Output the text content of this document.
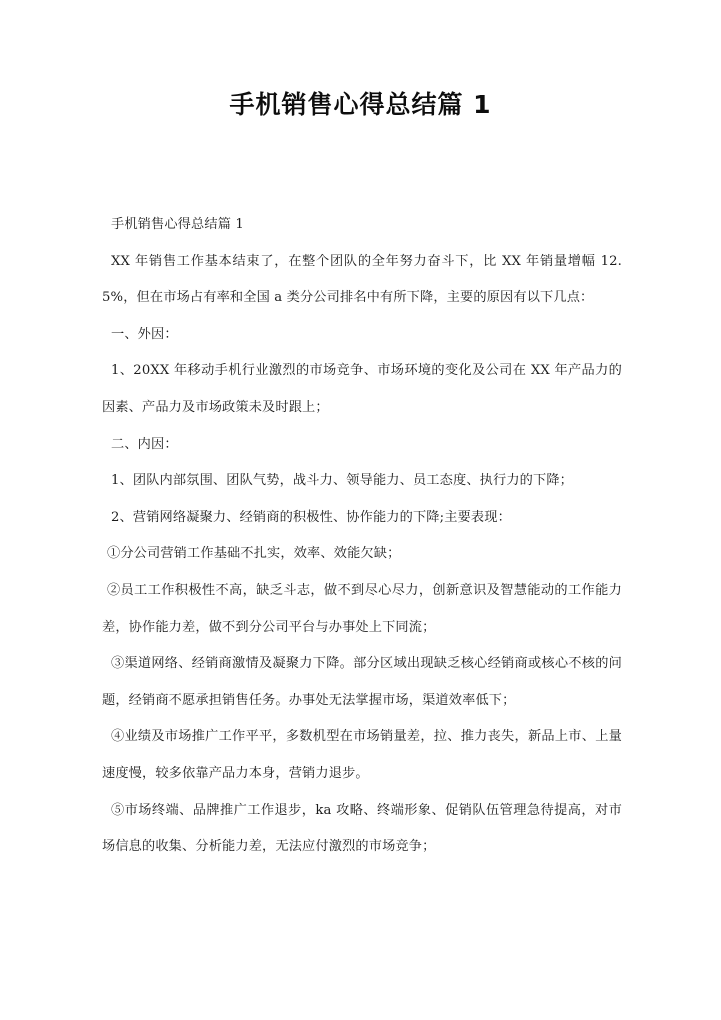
手机销售心得总结篇 1

手机销售心得总结篇 1

XX 年销售工作基本结束了，在整个团队的全年努力奋斗下，比 XX 年销量增幅 12.5%，但在市场占有率和全国 a 类分公司排名中有所下降，主要的原因有以下几点：

一、外因：

1、20XX 年移动手机行业激烈的市场竞争、市场环境的变化及公司在 XX 年产品力的因素、产品力及市场政策未及时跟上；

二、内因：

1、团队内部氛围、团队气势，战斗力、领导能力、员工态度、执行力的下降；

2、营销网络凝聚力、经销商的积极性、协作能力的下降;主要表现：

①分公司营销工作基础不扎实，效率、效能欠缺；

②员工工作积极性不高，缺乏斗志，做不到尽心尽力，创新意识及智慧能动的工作能力差，协作能力差，做不到分公司平台与办事处上下同流；

③渠道网络、经销商激情及凝聚力下降。部分区域出现缺乏核心经销商或核心不核的问题，经销商不愿承担销售任务。办事处无法掌握市场，渠道效率低下；

④业绩及市场推广工作平平，多数机型在市场销量差，拉、推力丧失，新品上市、上量速度慢，较多依靠产品力本身，营销力退步。

⑤市场终端、品牌推广工作退步，ka 攻略、终端形象、促销队伍管理急待提高，对市场信息的收集、分析能力差，无法应付激烈的市场竞争；
